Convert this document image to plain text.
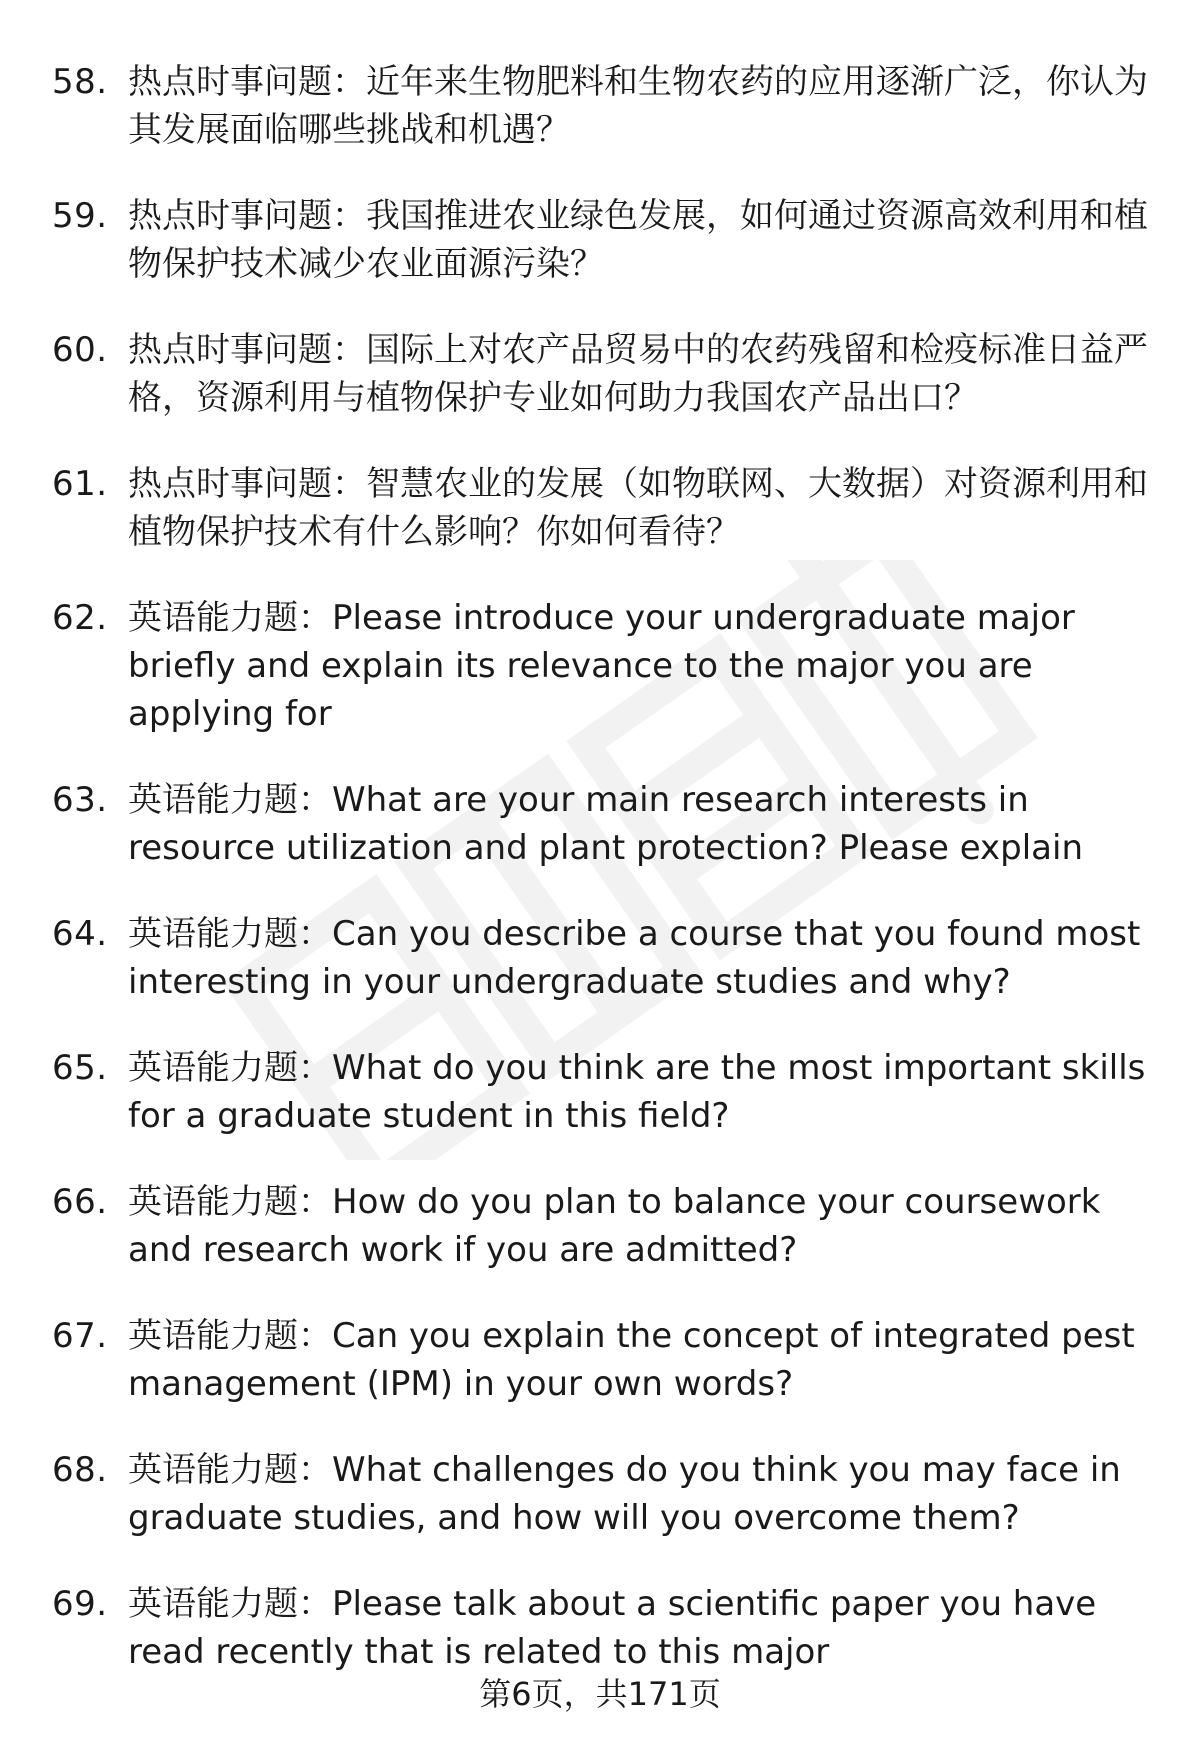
58. 热点时事问题：近年来生物肥料和生物农药的应用逐渐广泛，你认为其发展面临哪些挑战和机遇？
59. 热点时事问题：我国推进农业绿色发展，如何通过资源高效利用和植物保护技术减少农业面源污染？
60. 热点时事问题：国际上对农产品贸易中的农药残留和检疫标准日益严格，资源利用与植物保护专业如何助力我国农产品出口？
61. 热点时事问题：智慧农业的发展（如物联网、大数据）对资源利用和植物保护技术有什么影响？你如何看待？
62. 英语能力题：Please introduce your undergraduate major briefly and explain its relevance to the major you are applying for
63. 英语能力题：What are your main research interests in resource utilization and plant protection? Please explain
64. 英语能力题：Can you describe a course that you found most interesting in your undergraduate studies and why?
65. 英语能力题：What do you think are the most important skills for a graduate student in this field?
66. 英语能力题：How do you plan to balance your coursework and research work if you are admitted?
67. 英语能力题：Can you explain the concept of integrated pest management (IPM) in your own words?
68. 英语能力题：What challenges do you think you may face in graduate studies, and how will you overcome them?
69. 英语能力题：Please talk about a scientific paper you have read recently that is related to this major
第6页，共171页
